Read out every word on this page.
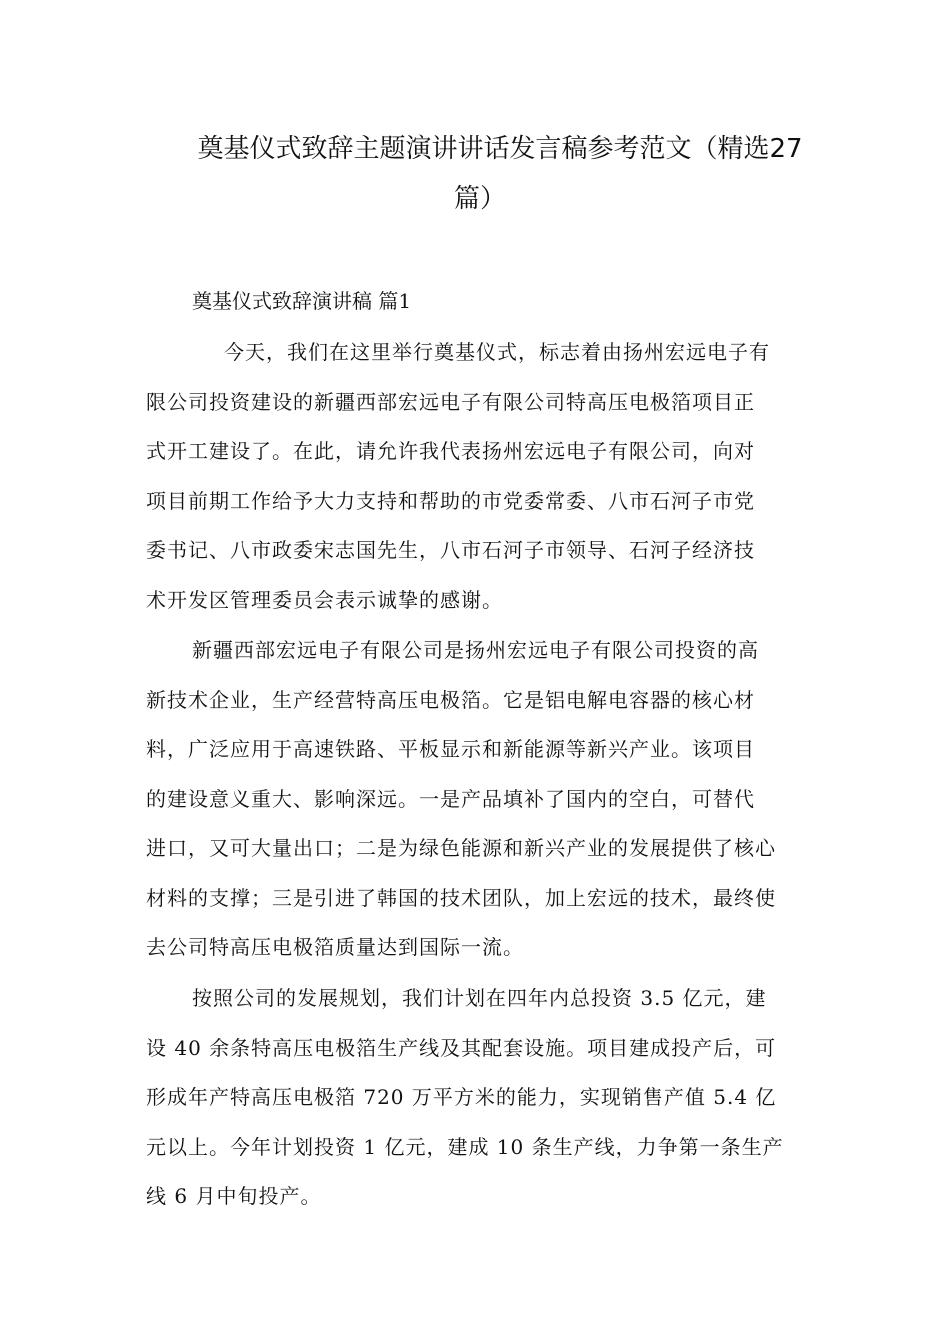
奠基仪式致辞主题演讲讲话发言稿参考范文（精选27
篇）
奠基仪式致辞演讲稿 篇1
今天，我们在这里举行奠基仪式，标志着由扬州宏远电子有
限公司投资建设的新疆西部宏远电子有限公司特高压电极箔项目正
式开工建设了。在此，请允许我代表扬州宏远电子有限公司，向对
项目前期工作给予大力支持和帮助的市党委常委、八市石河子市党
委书记、八市政委宋志国先生，八市石河子市领导、石河子经济技
术开发区管理委员会表示诚挚的感谢。
新疆西部宏远电子有限公司是扬州宏远电子有限公司投资的高
新技术企业，生产经营特高压电极箔。它是铝电解电容器的核心材
料，广泛应用于高速铁路、平板显示和新能源等新兴产业。该项目
的建设意义重大、影响深远。一是产品填补了国内的空白，可替代
进口，又可大量出口；二是为绿色能源和新兴产业的发展提供了核心
材料的支撑；三是引进了韩国的技术团队，加上宏远的技术，最终使
去公司特高压电极箔质量达到国际一流。
按照公司的发展规划，我们计划在四年内总投资 3.5 亿元，建
设 40 余条特高压电极箔生产线及其配套设施。项目建成投产后，可
形成年产特高压电极箔 720 万平方米的能力，实现销售产值 5.4 亿
元以上。今年计划投资 1 亿元，建成 10 条生产线，力争第一条生产
线 6 月中旬投产。
